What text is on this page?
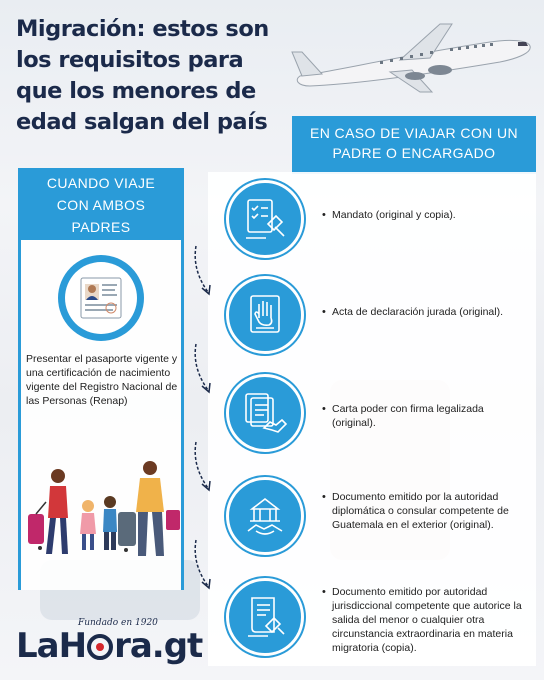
Migración: estos son
los requisitos para
que los menores de
edad salgan del país	EN CASO DE VIAJAR CON UN
PADRE O ENCARGADO
CUANDO VIAJE
CON AMBOS
PADRES

Presentar el pasaporte vigente y una certificación de nacimiento vigente del Registro Nacional de las Personas (Renap)

• Mandato (original y copia).

• Acta de declaración jurada (original).

• Carta poder con firma legalizada (original).

• Documento emitido por la autoridad diplomática o consular competente de Guatemala en el exterior (original).

• Documento emitido por autoridad jurisdiccional competente que autorice la salida del menor o cualquier otra circunstancia extraordinaria en materia migratoria (copia).

Fundado en 1920
LaH ra.gt
